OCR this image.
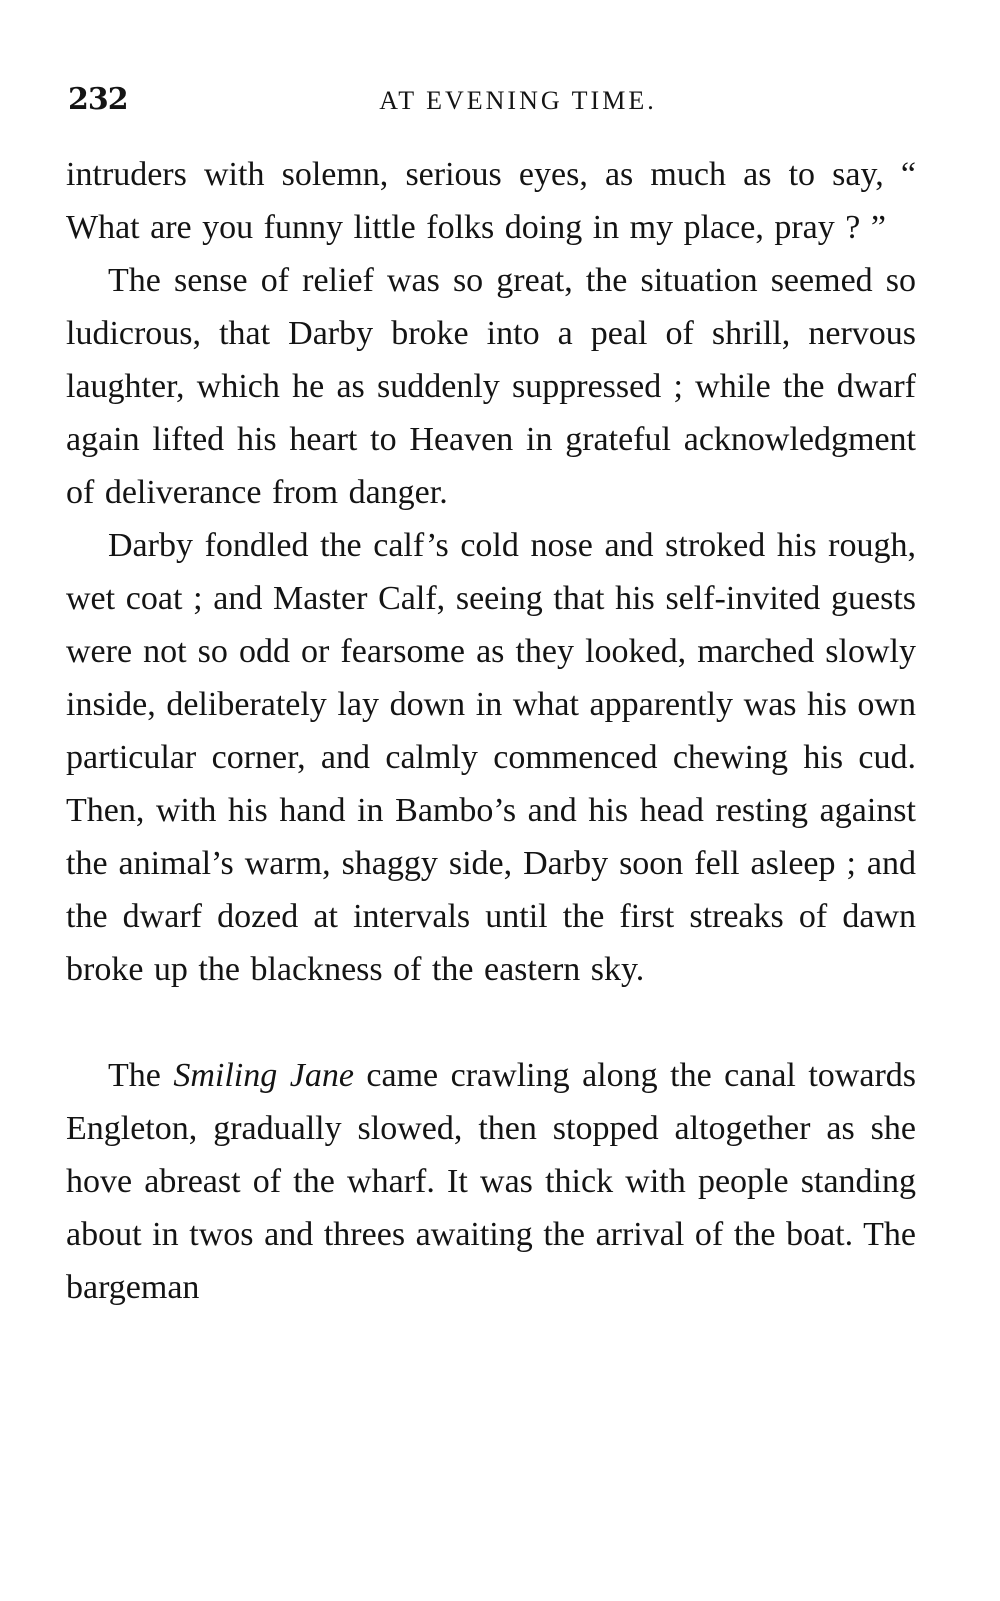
232	AT EVENING TIME.

intruders with solemn, serious eyes, as much as to say, “ What are you funny little folks doing in my place, pray ? ”

The sense of relief was so great, the situation seemed so ludicrous, that Darby broke into a peal of shrill, nervous laughter, which he as suddenly suppressed ; while the dwarf again lifted his heart to Heaven in grateful acknowledgment of deliverance from danger.

Darby fondled the calf’s cold nose and stroked his rough, wet coat ; and Master Calf, seeing that his self-invited guests were not so odd or fearsome as they looked, marched slowly inside, deliberately lay down in what apparently was his own particular corner, and calmly commenced chewing his cud. Then, with his hand in Bambo’s and his head resting against the animal’s warm, shaggy side, Darby soon fell asleep ; and the dwarf dozed at intervals until the first streaks of dawn broke up the blackness of the eastern sky.

The Smiling Jane came crawling along the canal towards Engleton, gradually slowed, then stopped altogether as she hove abreast of the wharf. It was thick with people standing about in twos and threes awaiting the arrival of the boat. The bargeman
